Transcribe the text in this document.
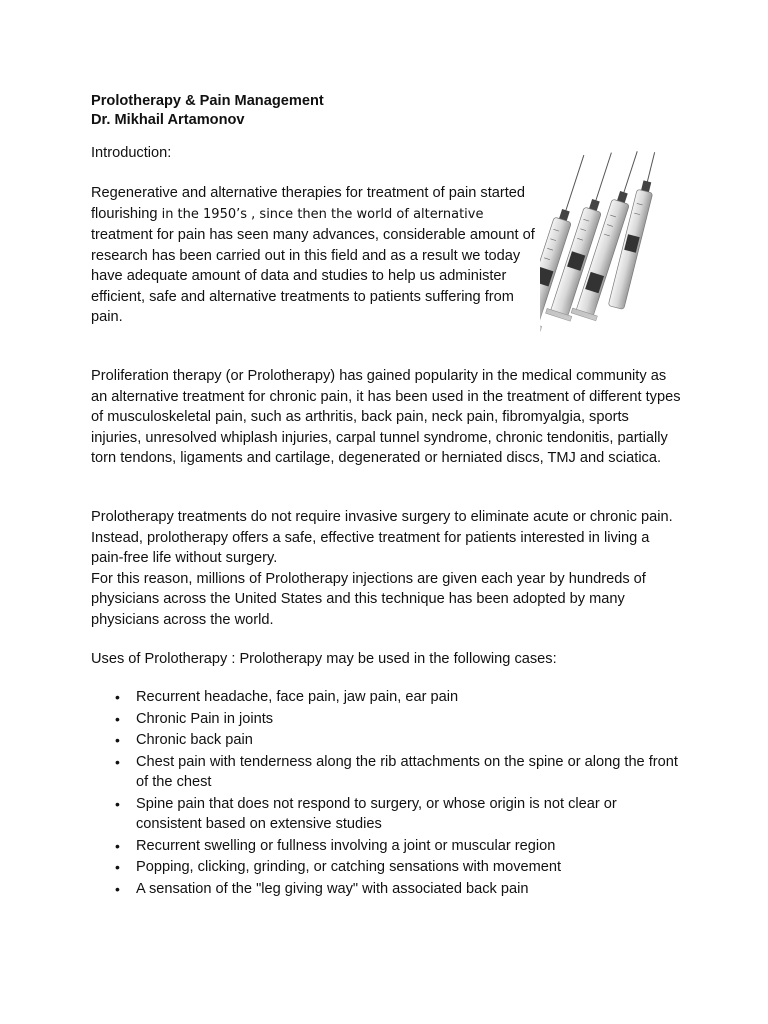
Prolotherapy & Pain Management
Dr. Mikhail Artamonov
Introduction:

Regenerative and alternative therapies for treatment of pain started flourishing in the 1950’s , since then the world of alternative treatment for pain has seen many advances, considerable amount of research has been carried out in this field and as a result we today have adequate amount of data and studies to help us administer efficient, safe and alternative treatments to patients suffering from pain.

Proliferation therapy (or Prolotherapy) has gained popularity in the medical community as an alternative treatment for chronic pain, it has been used in the treatment of different types of musculoskeletal pain, such as arthritis, back pain, neck pain, fibromyalgia, sports injuries, unresolved whiplash injuries, carpal tunnel syndrome, chronic tendonitis, partially torn tendons, ligaments and cartilage, degenerated or herniated discs, TMJ and sciatica.

Prolotherapy treatments do not require invasive surgery to eliminate acute or chronic pain. Instead, prolotherapy offers a safe, effective treatment for patients interested in living a pain-free life without surgery.

For this reason, millions of Prolotherapy injections are given each year by hundreds of physicians across the United States and this technique has been adopted by many physicians across the world.

Uses of Prolotherapy : Prolotherapy may be used in the following cases:
• Recurrent headache, face pain, jaw pain, ear pain
• Chronic Pain in joints
• Chronic back pain
• Chest pain with tenderness along the rib attachments on the spine or along the front of the chest
• Spine pain that does not respond to surgery, or whose origin is not clear or consistent based on extensive studies
• Recurrent swelling or fullness involving a joint or muscular region
• Popping, clicking, grinding, or catching sensations with movement
• A sensation of the "leg giving way" with associated back pain
